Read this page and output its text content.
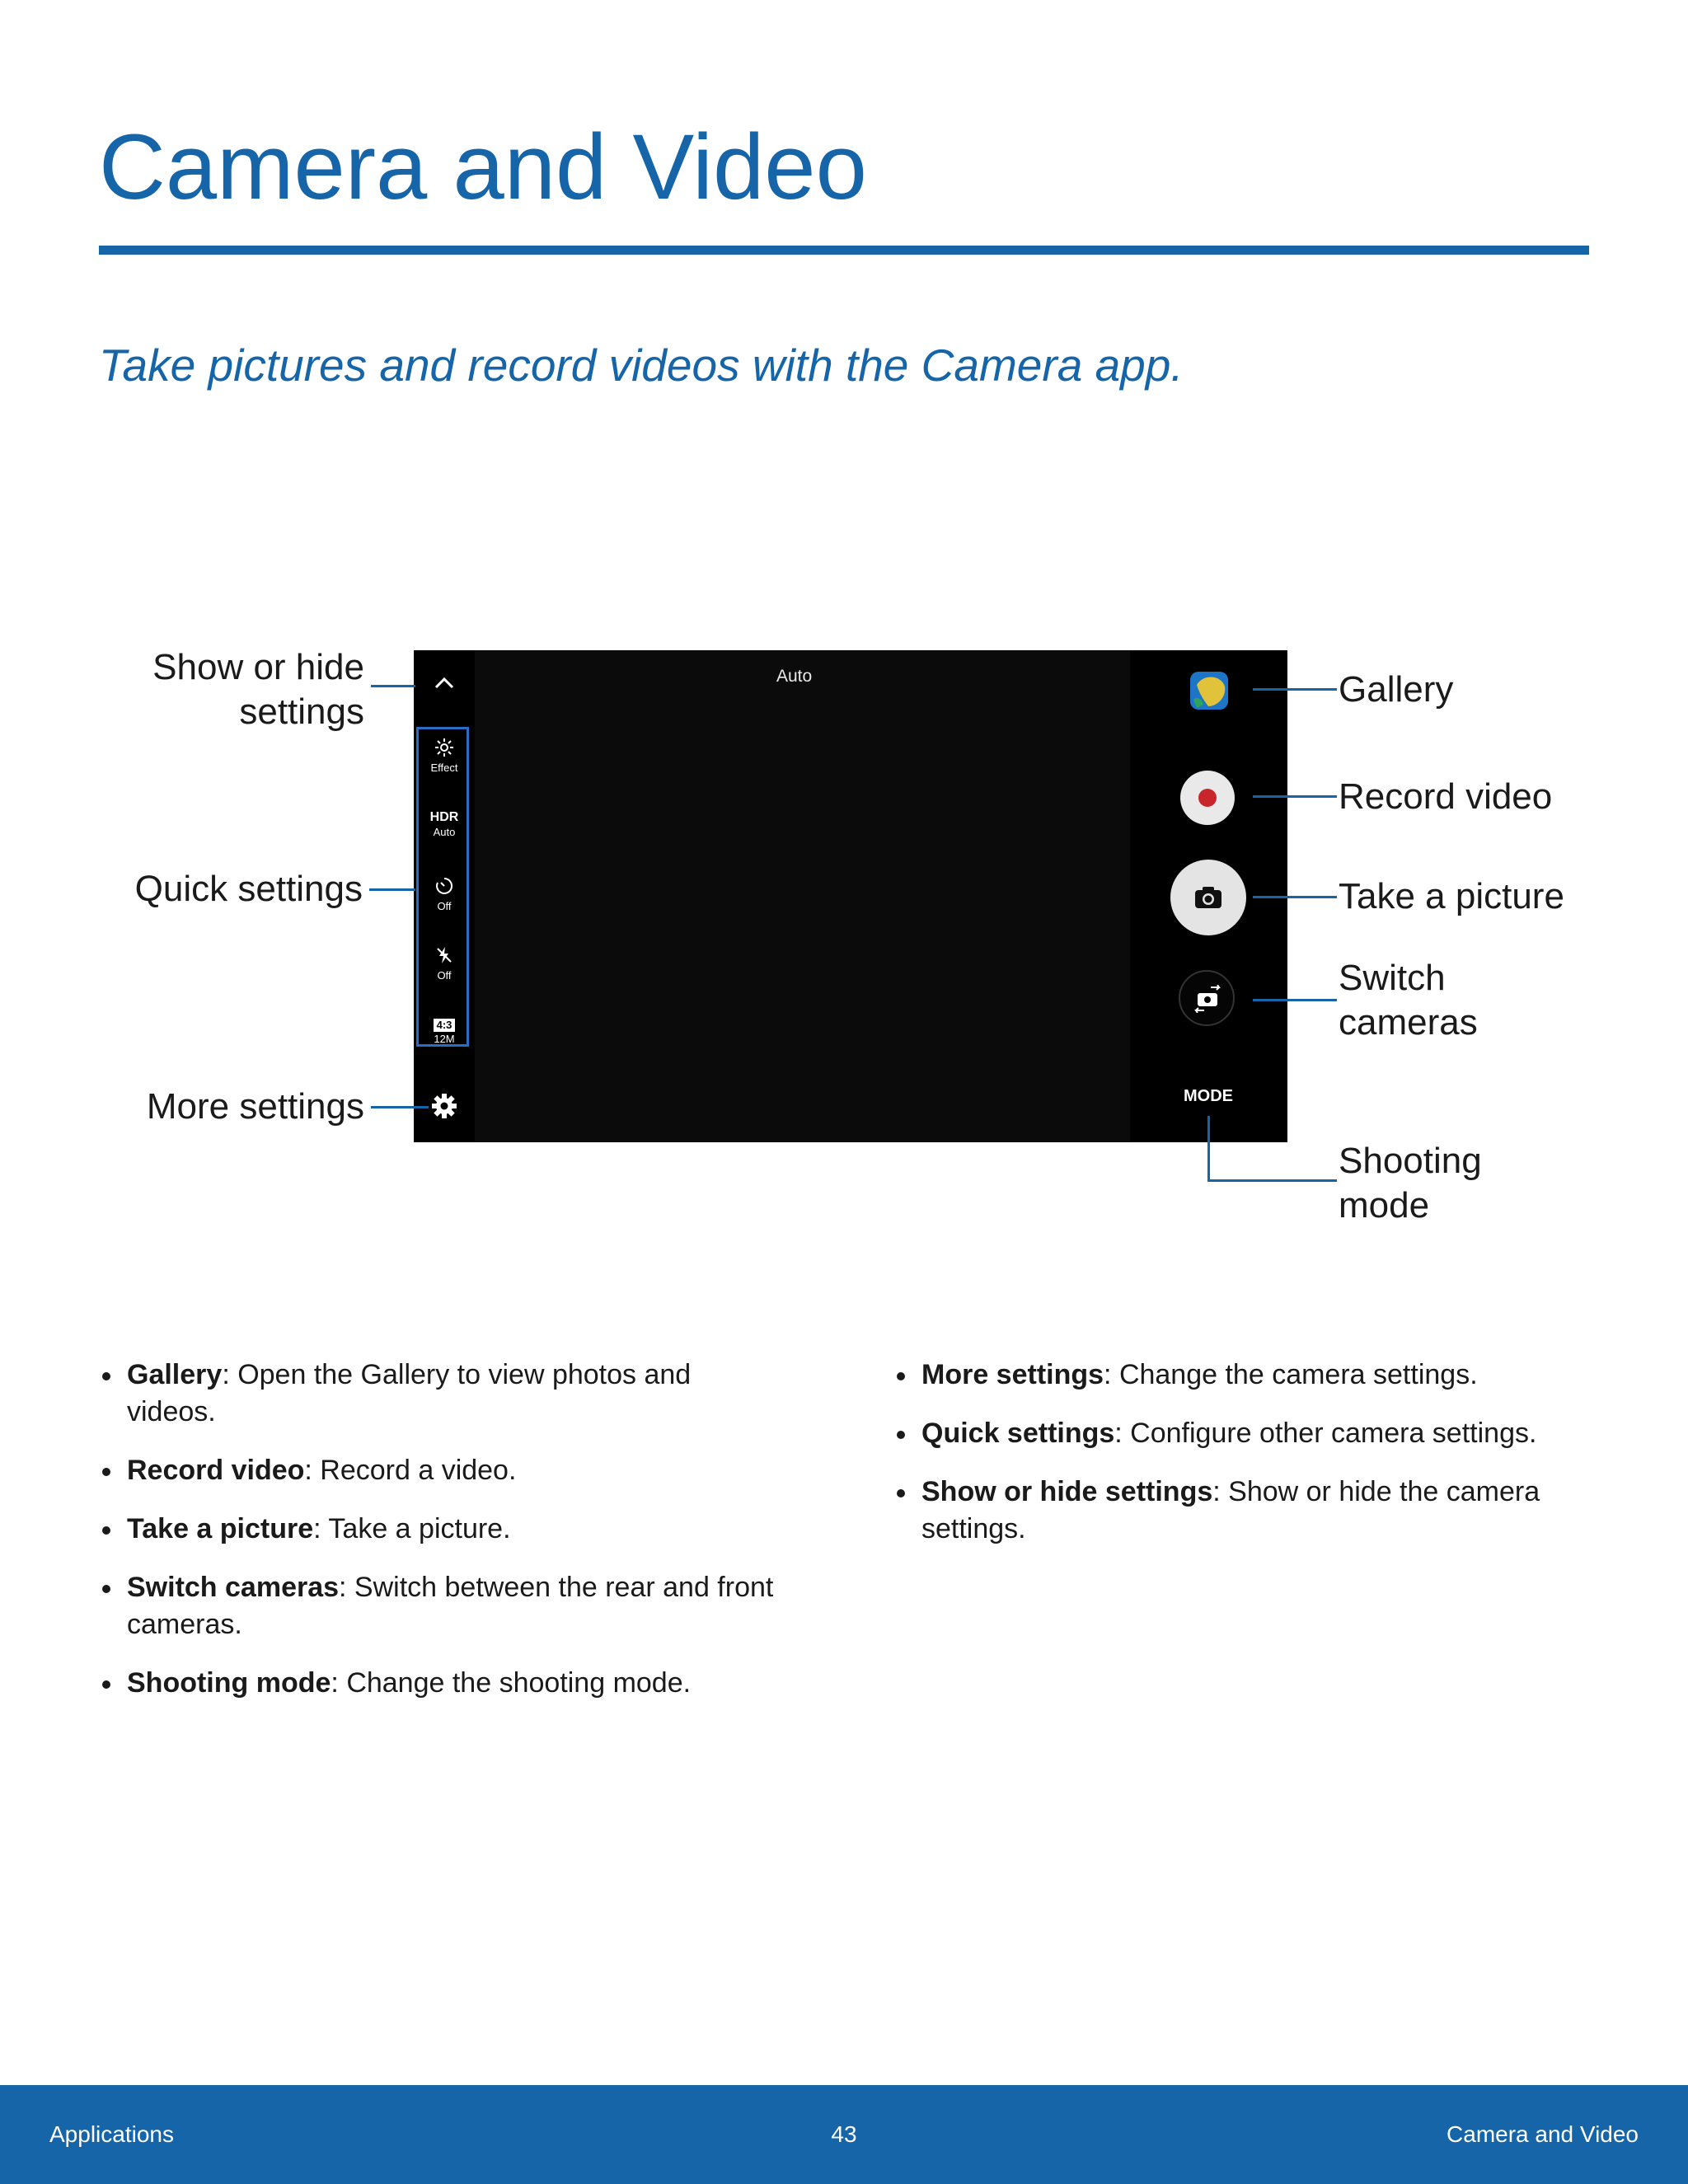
Camera and Video
Take pictures and record videos with the Camera app.
Effect
HDR
Auto
Off
Off
4:3
12M
Auto
MODE
Show or hide
settings
Quick settings
More settings
Gallery
Record video
Take a picture
Switch
cameras
Shooting
mode
Gallery: Open the Gallery to view photos and videos.
Record video: Record a video.
Take a picture: Take a picture.
Switch cameras: Switch between the rear and front cameras.
Shooting mode: Change the shooting mode.
More settings: Change the camera settings.
Quick settings: Configure other camera settings.
Show or hide settings: Show or hide the camera settings.
Applications	43	Camera and Video
